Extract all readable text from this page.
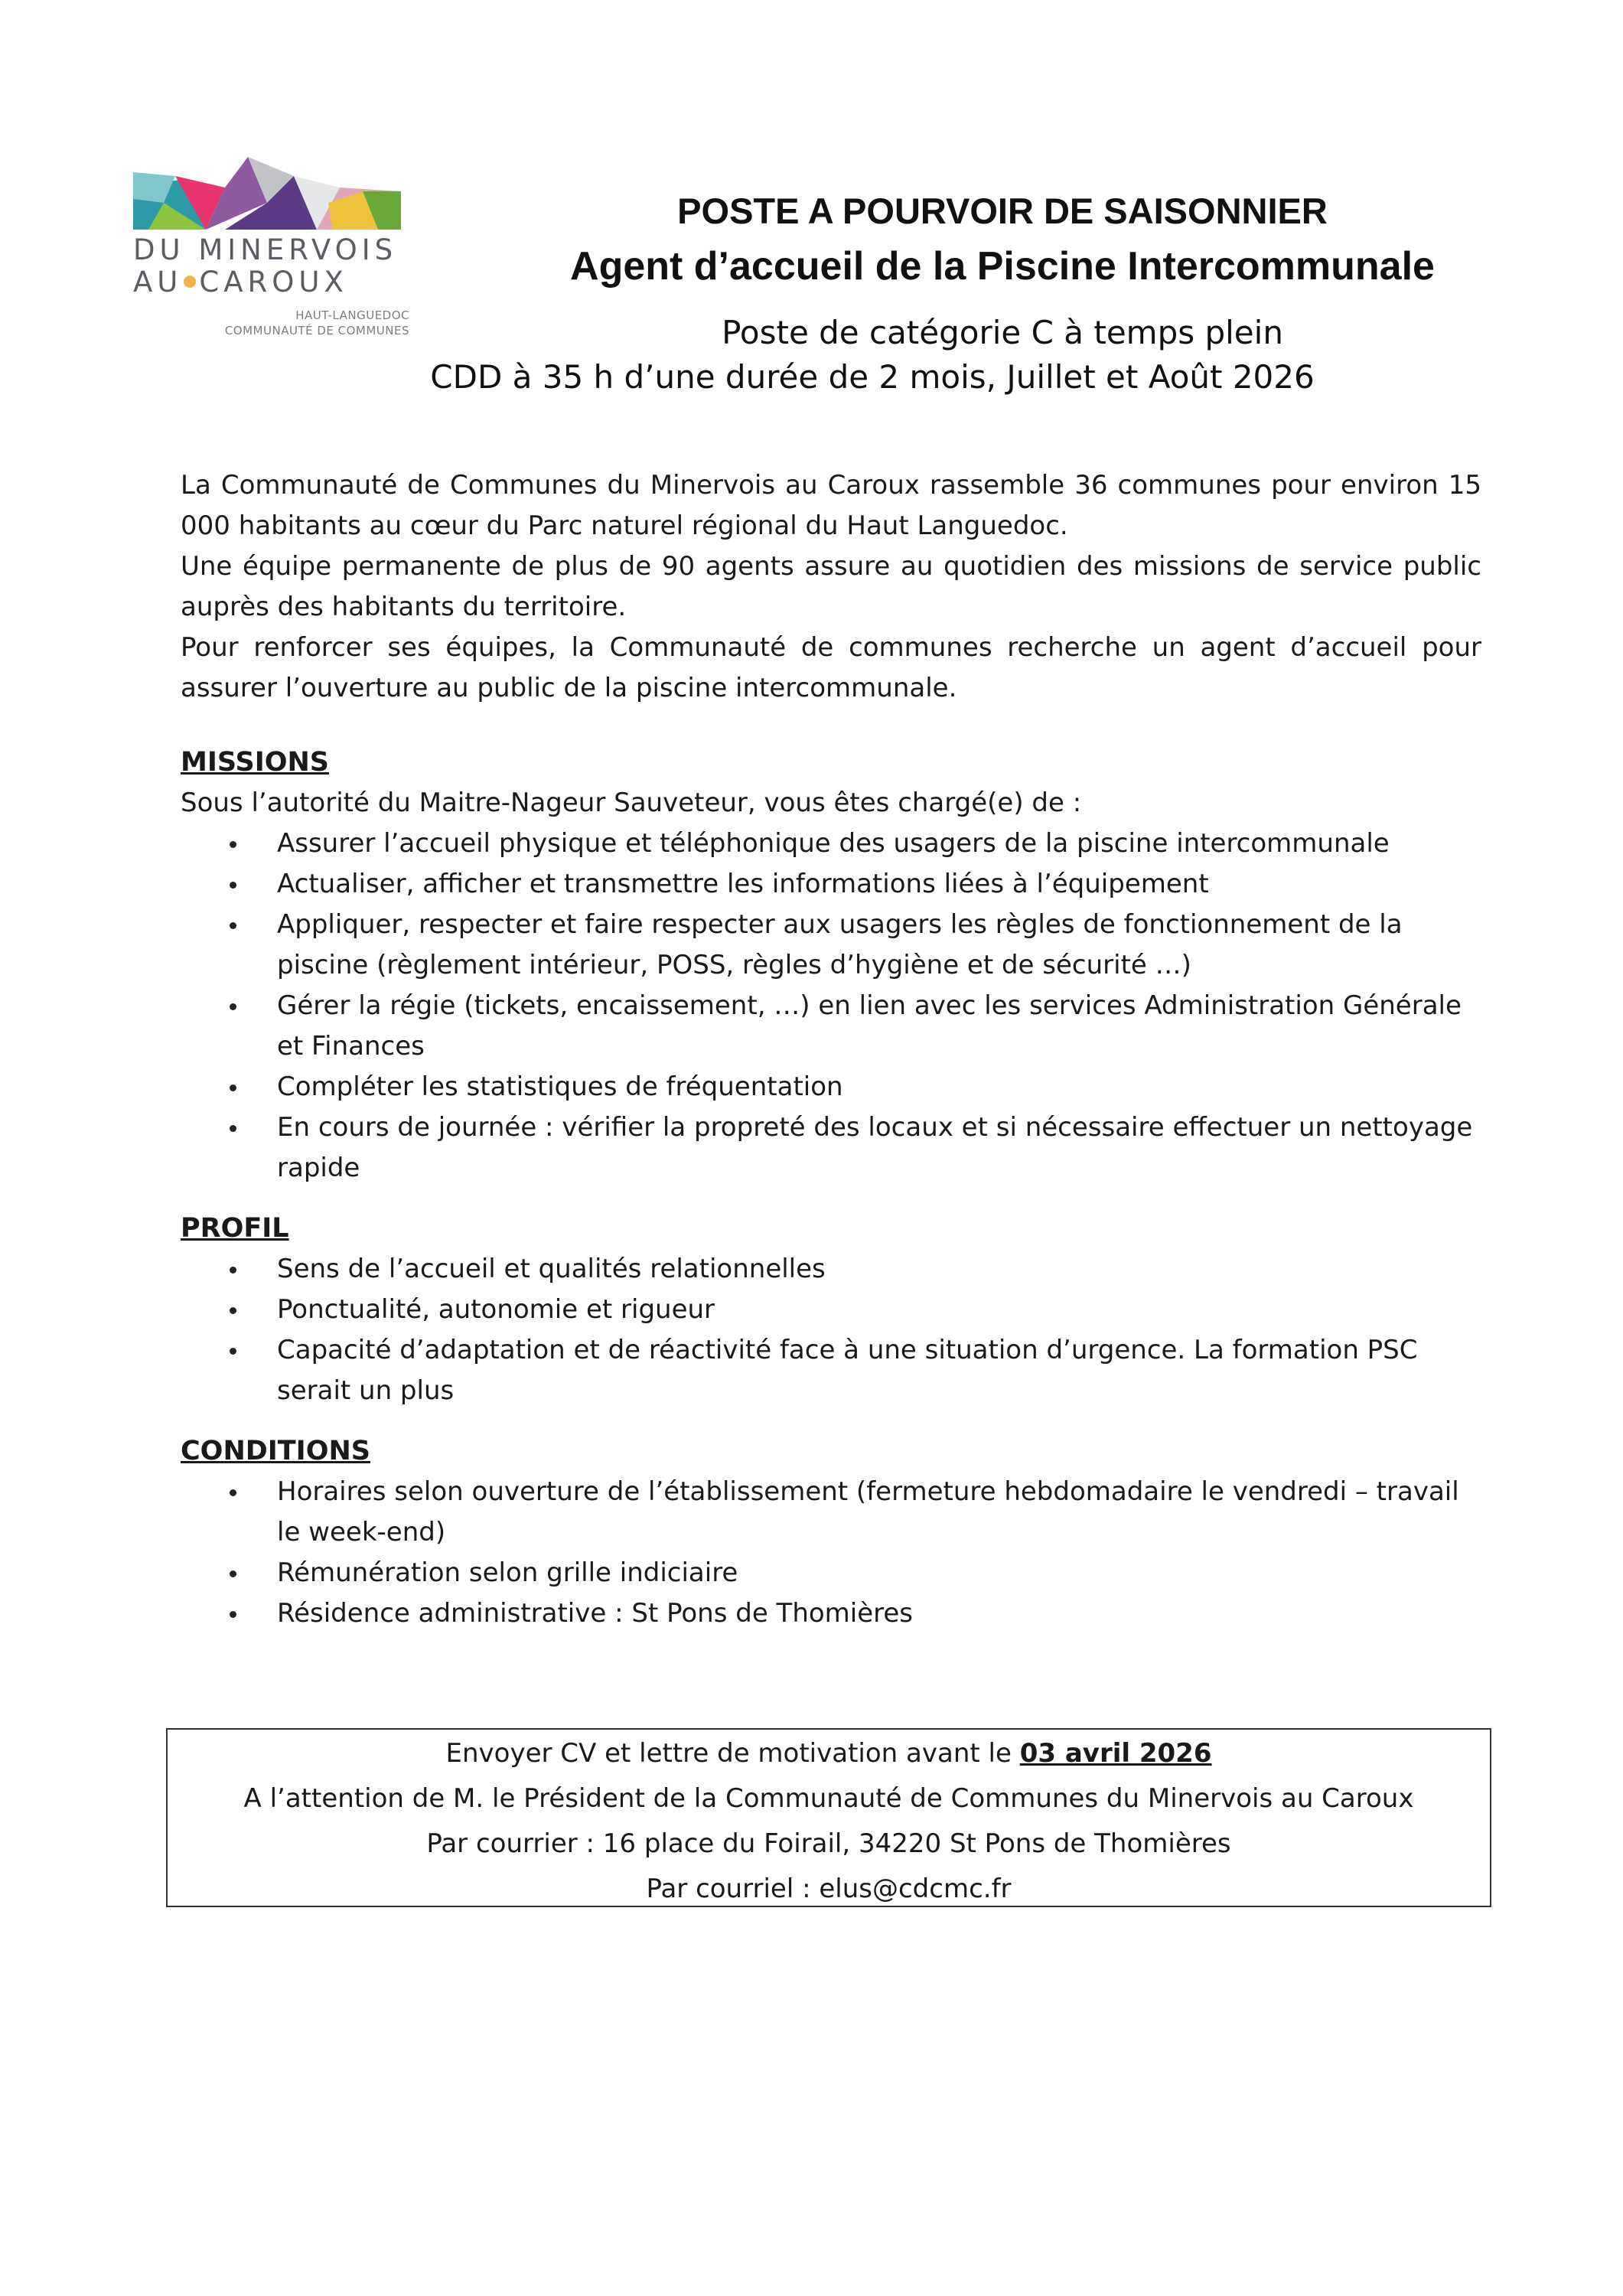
DU MINERVOIS
AU CAROUX
HAUT-LANGUEDOC
COMMUNAUTÉ DE COMMUNES
POSTE A POURVOIR DE SAISONNIER
Agent d’accueil de la Piscine Intercommunale
Poste de catégorie C à temps plein
CDD à 35 h d’une durée de 2 mois, Juillet et Août 2026

La Communauté de Communes du Minervois au Caroux rassemble 36 communes pour environ 15 000 habitants au cœur du Parc naturel régional du Haut Languedoc.

Une équipe permanente de plus de 90 agents assure au quotidien des missions de service public auprès des habitants du territoire.

Pour renforcer ses équipes, la Communauté de communes recherche un agent d’accueil pour assurer l’ouverture au public de la piscine intercommunale.

MISSIONS

Sous l’autorité du Maitre-Nageur Sauveteur, vous êtes chargé(e) de :

Assurer l’accueil physique et téléphonique des usagers de la piscine intercommunale
Actualiser, afficher et transmettre les informations liées à l’équipement
Appliquer, respecter et faire respecter aux usagers les règles de fonctionnement de la piscine (règlement intérieur, POSS, règles d’hygiène et de sécurité …)
Gérer la régie (tickets, encaissement, …) en lien avec les services Administration Générale et Finances
Compléter les statistiques de fréquentation
En cours de journée : vérifier la propreté des locaux et si nécessaire effectuer un nettoyage rapide
PROFIL
Sens de l’accueil et qualités relationnelles
Ponctualité, autonomie et rigueur
Capacité d’adaptation et de réactivité face à une situation d’urgence. La formation PSC serait un plus
CONDITIONS
Horaires selon ouverture de l’établissement (fermeture hebdomadaire le vendredi – travail le week-end)
Rémunération selon grille indiciaire
Résidence administrative : St Pons de Thomières
Envoyer CV et lettre de motivation avant le 03 avril 2026
A l’attention de M. le Président de la Communauté de Communes du Minervois au Caroux
Par courrier : 16 place du Foirail, 34220 St Pons de Thomières
Par courriel : elus@cdcmc.fr
